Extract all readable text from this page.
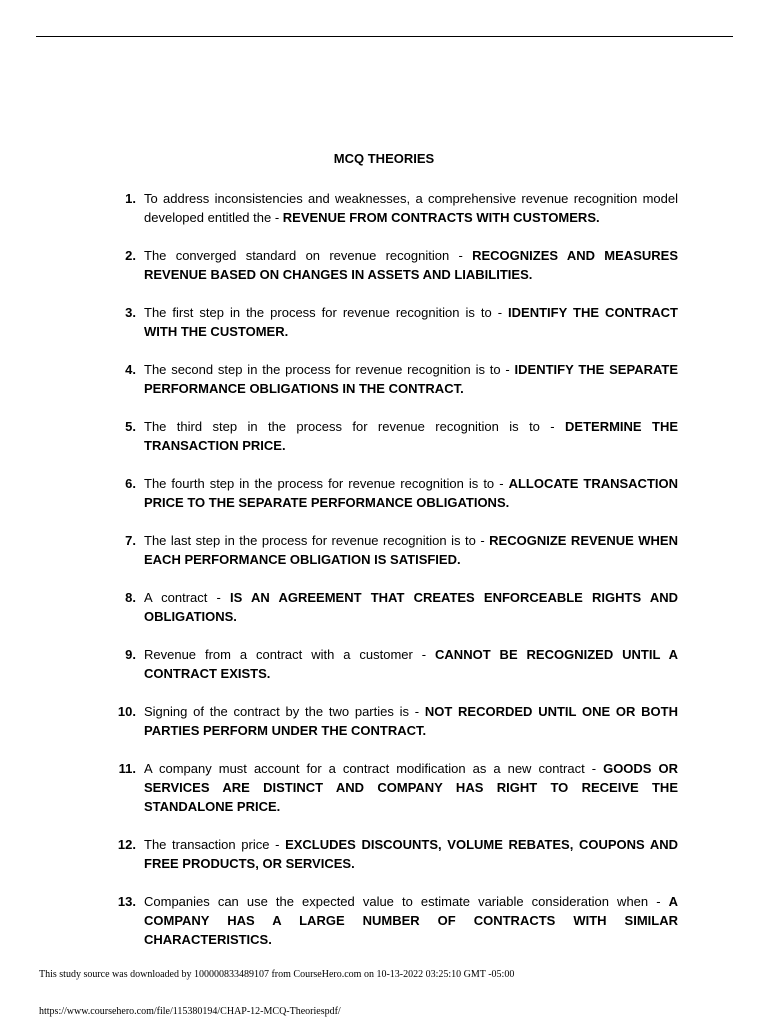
MCQ THEORIES
1. To address inconsistencies and weaknesses, a comprehensive revenue recognition model developed entitled the - REVENUE FROM CONTRACTS WITH CUSTOMERS.
2. The converged standard on revenue recognition - RECOGNIZES AND MEASURES REVENUE BASED ON CHANGES IN ASSETS AND LIABILITIES.
3. The first step in the process for revenue recognition is to - IDENTIFY THE CONTRACT WITH THE CUSTOMER.
4. The second step in the process for revenue recognition is to - IDENTIFY THE SEPARATE PERFORMANCE OBLIGATIONS IN THE CONTRACT.
5. The third step in the process for revenue recognition is to - DETERMINE THE TRANSACTION PRICE.
6. The fourth step in the process for revenue recognition is to - ALLOCATE TRANSACTION PRICE TO THE SEPARATE PERFORMANCE OBLIGATIONS.
7. The last step in the process for revenue recognition is to - RECOGNIZE REVENUE WHEN EACH PERFORMANCE OBLIGATION IS SATISFIED.
8. A contract - IS AN AGREEMENT THAT CREATES ENFORCEABLE RIGHTS AND OBLIGATIONS.
9. Revenue from a contract with a customer - CANNOT BE RECOGNIZED UNTIL A CONTRACT EXISTS.
10. Signing of the contract by the two parties is - NOT RECORDED UNTIL ONE OR BOTH PARTIES PERFORM UNDER THE CONTRACT.
11. A company must account for a contract modification as a new contract - GOODS OR SERVICES ARE DISTINCT AND COMPANY HAS RIGHT TO RECEIVE THE STANDALONE PRICE.
12. The transaction price - EXCLUDES DISCOUNTS, VOLUME REBATES, COUPONS AND FREE PRODUCTS, OR SERVICES.
13. Companies can use the expected value to estimate variable consideration when - A COMPANY HAS A LARGE NUMBER OF CONTRACTS WITH SIMILAR CHARACTERISTICS.
This study source was downloaded by 100000833489107 from CourseHero.com on 10-13-2022 03:25:10 GMT -05:00
https://www.coursehero.com/file/115380194/CHAP-12-MCQ-Theoriespdf/
